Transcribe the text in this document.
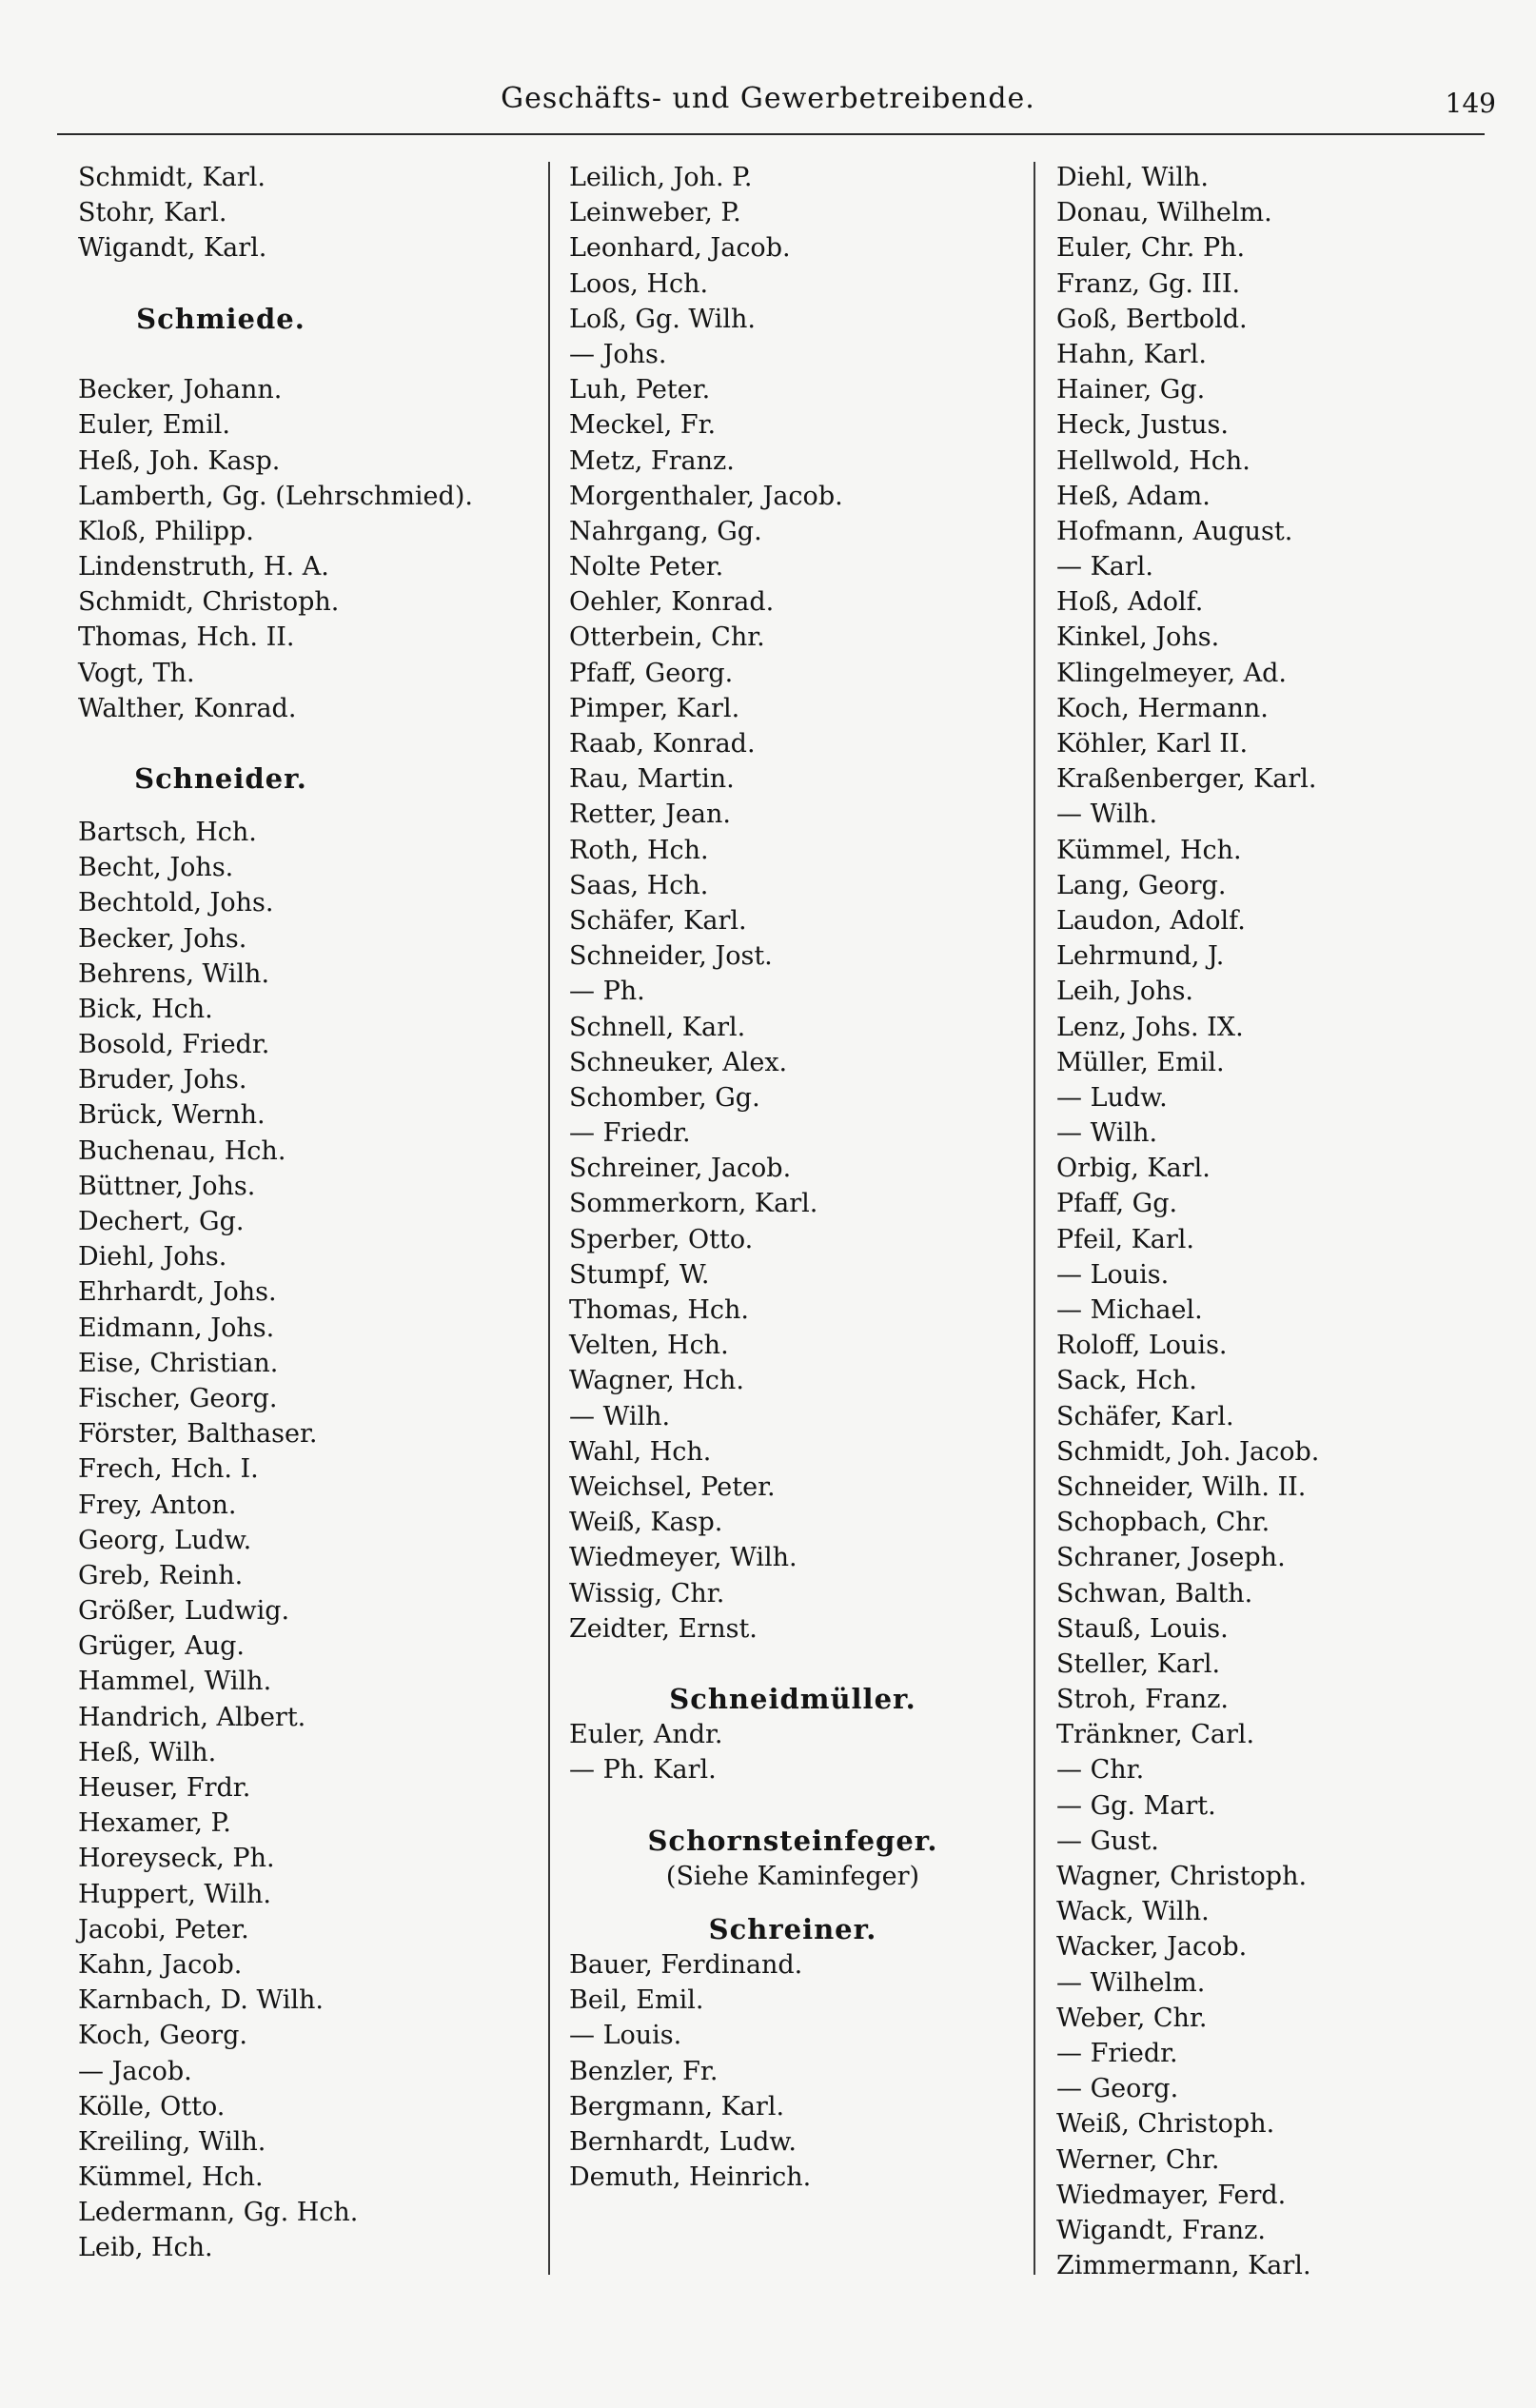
Geschäfts- und Gewerbetreibende.	149
Schmidt, Karl.
Stohr, Karl.
Wigandt, Karl.
Schmiede.
Becker, Johann.
Euler, Emil.
Heß, Joh. Kasp.
Lamberth, Gg. (Lehrschmied).
Kloß, Philipp.
Lindenstruth, H. A.
Schmidt, Christoph.
Thomas, Hch. II.
Vogt, Th.
Walther, Konrad.
Schneider.
Bartsch, Hch.
Becht, Johs.
Bechtold, Johs.
Becker, Johs.
Behrens, Wilh.
Bick, Hch.
Bosold, Friedr.
Bruder, Johs.
Brück, Wernh.
Buchenau, Hch.
Büttner, Johs.
Dechert, Gg.
Diehl, Johs.
Ehrhardt, Johs.
Eidmann, Johs.
Eise, Christian.
Fischer, Georg.
Förster, Balthaser.
Frech, Hch. I.
Frey, Anton.
Georg, Ludw.
Greb, Reinh.
Größer, Ludwig.
Grüger, Aug.
Hammel, Wilh.
Handrich, Albert.
Heß, Wilh.
Heuser, Frdr.
Hexamer, P.
Horeyseck, Ph.
Huppert, Wilh.
Jacobi, Peter.
Kahn, Jacob.
Karnbach, D. Wilh.
Koch, Georg.
— Jacob.
Kölle, Otto.
Kreiling, Wilh.
Kümmel, Hch.
Ledermann, Gg. Hch.
Leib, Hch.
Leilich, Joh. P.
Leinweber, P.
Leonhard, Jacob.
Loos, Hch.
Loß, Gg. Wilh.
— Johs.
Luh, Peter.
Meckel, Fr.
Metz, Franz.
Morgenthaler, Jacob.
Nahrgang, Gg.
Nolte Peter.
Oehler, Konrad.
Otterbein, Chr.
Pfaff, Georg.
Pimper, Karl.
Raab, Konrad.
Rau, Martin.
Retter, Jean.
Roth, Hch.
Saas, Hch.
Schäfer, Karl.
Schneider, Jost.
— Ph.
Schnell, Karl.
Schneuker, Alex.
Schomber, Gg.
— Friedr.
Schreiner, Jacob.
Sommerkorn, Karl.
Sperber, Otto.
Stumpf, W.
Thomas, Hch.
Velten, Hch.
Wagner, Hch.
— Wilh.
Wahl, Hch.
Weichsel, Peter.
Weiß, Kasp.
Wiedmeyer, Wilh.
Wissig, Chr.
Zeidter, Ernst.
Schneidmüller.
Euler, Andr.
— Ph. Karl.
Schornsteinfeger.
(Siehe Kaminfeger)
Schreiner.
Bauer, Ferdinand.
Beil, Emil.
— Louis.
Benzler, Fr.
Bergmann, Karl.
Bernhardt, Ludw.
Demuth, Heinrich.
Diehl, Wilh.
Donau, Wilhelm.
Euler, Chr. Ph.
Franz, Gg. III.
Goß, Bertbold.
Hahn, Karl.
Hainer, Gg.
Heck, Justus.
Hellwold, Hch.
Heß, Adam.
Hofmann, August.
— Karl.
Hoß, Adolf.
Kinkel, Johs.
Klingelmeyer, Ad.
Koch, Hermann.
Köhler, Karl II.
Kraßenberger, Karl.
— Wilh.
Kümmel, Hch.
Lang, Georg.
Laudon, Adolf.
Lehrmund, J.
Leih, Johs.
Lenz, Johs. IX.
Müller, Emil.
— Ludw.
— Wilh.
Orbig, Karl.
Pfaff, Gg.
Pfeil, Karl.
— Louis.
— Michael.
Roloff, Louis.
Sack, Hch.
Schäfer, Karl.
Schmidt, Joh. Jacob.
Schneider, Wilh. II.
Schopbach, Chr.
Schraner, Joseph.
Schwan, Balth.
Stauß, Louis.
Steller, Karl.
Stroh, Franz.
Tränkner, Carl.
— Chr.
— Gg. Mart.
— Gust.
Wagner, Christoph.
Wack, Wilh.
Wacker, Jacob.
— Wilhelm.
Weber, Chr.
— Friedr.
— Georg.
Weiß, Christoph.
Werner, Chr.
Wiedmayer, Ferd.
Wigandt, Franz.
Zimmermann, Karl.
